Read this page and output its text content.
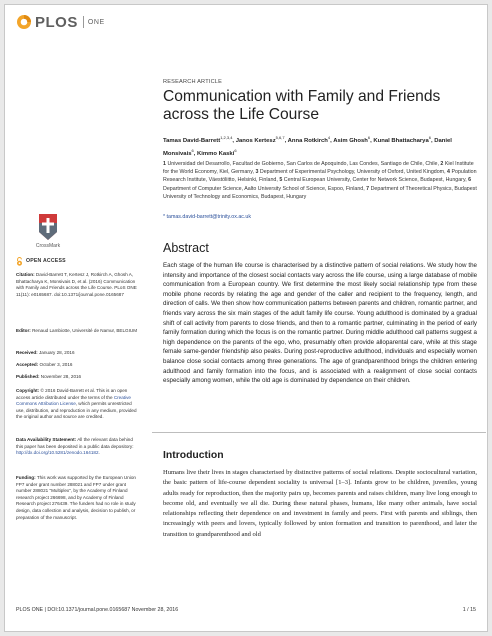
PLOS ONE
RESEARCH ARTICLE
Communication with Family and Friends
across the Life Course
Tamas David-Barrett$^{1,2,3,4}$, Janos Kertesz$^{5,6,7}$, Anna Rotkirch$^4$, Asim Ghosh$^6$, Kunal Bhattacharya$^6$, Daniel Monsivais$^6$, Kimmo Kaski$^6$
1 Universidad del Desarrollo, Facultad de Gobierno, San Carlos de Apoquindo, Las Condes, Santiago de Chile, Chile, 2 Kiel Institute for the World Economy, Kiel, Germany, 3 Department of Experimental Psychology, University of Oxford, United Kingdom, 4 Population Research Institute, Väestöliitto, Helsinki, Finland, 5 Central European University, Center for Network Science, Budapest, Hungary, 6 Department of Computer Science, Aalto University School of Science, Espoo, Finland, 7 Department of Theoretical Physics, Budapest University of Technology and Economics, Budapest, Hungary
* tamas.david-barrett@trinity.ox.ac.uk
Abstract

Each stage of the human life course is characterised by a distinctive pattern of social relations. We study how the intensity and importance of the closest social contacts vary across the life course, using a large database of mobile communication from a European country. We first determine the most likely social relationship type from these mobile phone records by relating the age and gender of the caller and recipient to the frequency, length, and direction of calls. We then show how communication patterns between parents and children, romantic partner, and friends vary across the six main stages of the adult family life course. Young adulthood is dominated by a gradual shift of call activity from parents to close friends, and then to a romantic partner, culminating in the period of early family formation during which the focus is on the romantic partner. During middle adulthood call patterns suggest a high dependence on the parents of the ego, who, presumably often provide alloparental care, while at this stage female same-gender friendship also peaks. During post-reproductive adulthood, individuals and especially women balance close social contacts among three generations. The age of grandparenthood brings the children entering adulthood and family formation into the focus, and is associated with a realignment of close social contacts especially among women, while the old age is dominated by dependence on their children.

Introduction

Humans live their lives in stages characterised by distinctive patterns of social relations. Despite sociocultural variation, the basic pattern of life-course dependent sociality is universal [1–3]. Infants grow to be children, juveniles, young adults ready for reproduction, then the majority pairs up, becomes parents and raises children, many live long enough to become old, and eventually we all die. During these natural phases, humans, like many other animals, have social relationships reflecting their dependence on and investment in family and peers. First with parents and siblings, then increasingly with peers and lovers, typically followed by union formation and transition to parenthood, and later the transition to grandparenthood and old

CrossMark
OPEN ACCESS
Citation: David-Barrett T, Kertesz J, Rotkirch A, Ghosh A, Bhattacharya K, Monsivais D, et al. (2016) Communication with Family and Friends across the Life Course. PLoS ONE 11(11): e0165687. doi:10.1371/journal.pone.0165687
Editor: Renaud Lambiotte, Université de Namur, BELGIUM
Received: January 28, 2016
Accepted: October 3, 2016
Published: November 28, 2016
Copyright: © 2016 David-Barrett et al. This is an open access article distributed under the terms of the Creative Commons Attribution License, which permits unrestricted use, distribution, and reproduction in any medium, provided the original author and source are credited.
Data Availability Statement: All the relevant data behind this paper has been deposited in a public data depository: http://dx.doi.org/10.5281/zenodo.164182.
Funding: This work was supported by the European Union FP7 under grant number 288021 and FP7 under grant number 288021 "Multiplex", by the Academy of Finland research project 266698, and by Academy of Finland Research project 276439. The funders had no role in study design, data collection and analysis, decision to publish, or preparation of the manuscript.
PLOS ONE | DOI:10.1371/journal.pone.0165687 November 28, 2016	1 / 15
